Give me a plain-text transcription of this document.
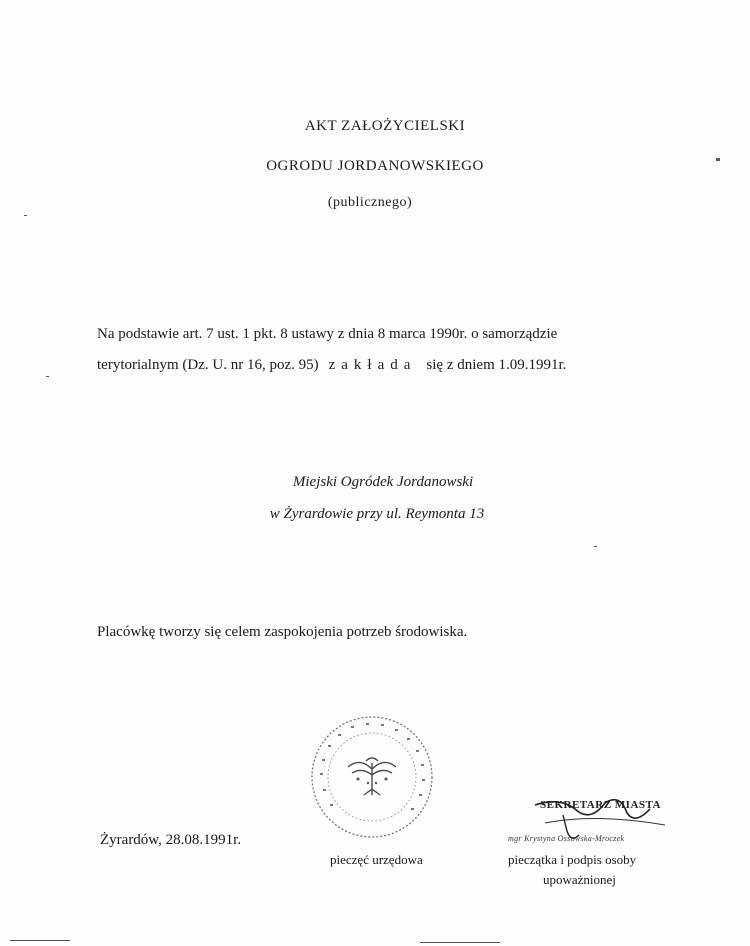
AKT ZAŁOŻYCIELSKI
OGRODU JORDANOWSKIEGO
(publicznego)
Na podstawie art. 7 ust. 1 pkt. 8 ustawy z dnia 8 marca 1990r. o samorządzie
terytorialnym (Dz. U. nr 16, poz. 95) zakłada się z dniem 1.09.1991r.
Miejski Ogródek Jordanowski
w Żyrardowie przy ul. Reymonta 13
Placówkę tworzy się celem zaspokojenia potrzeb środowiska.
SEKRETARZ MIASTA
mgr Krystyna Ossowska-Mroczek
Żyrardów, 28.08.1991r.
pieczęć urzędowa	pieczątka i podpis osoby
upoważnionej
